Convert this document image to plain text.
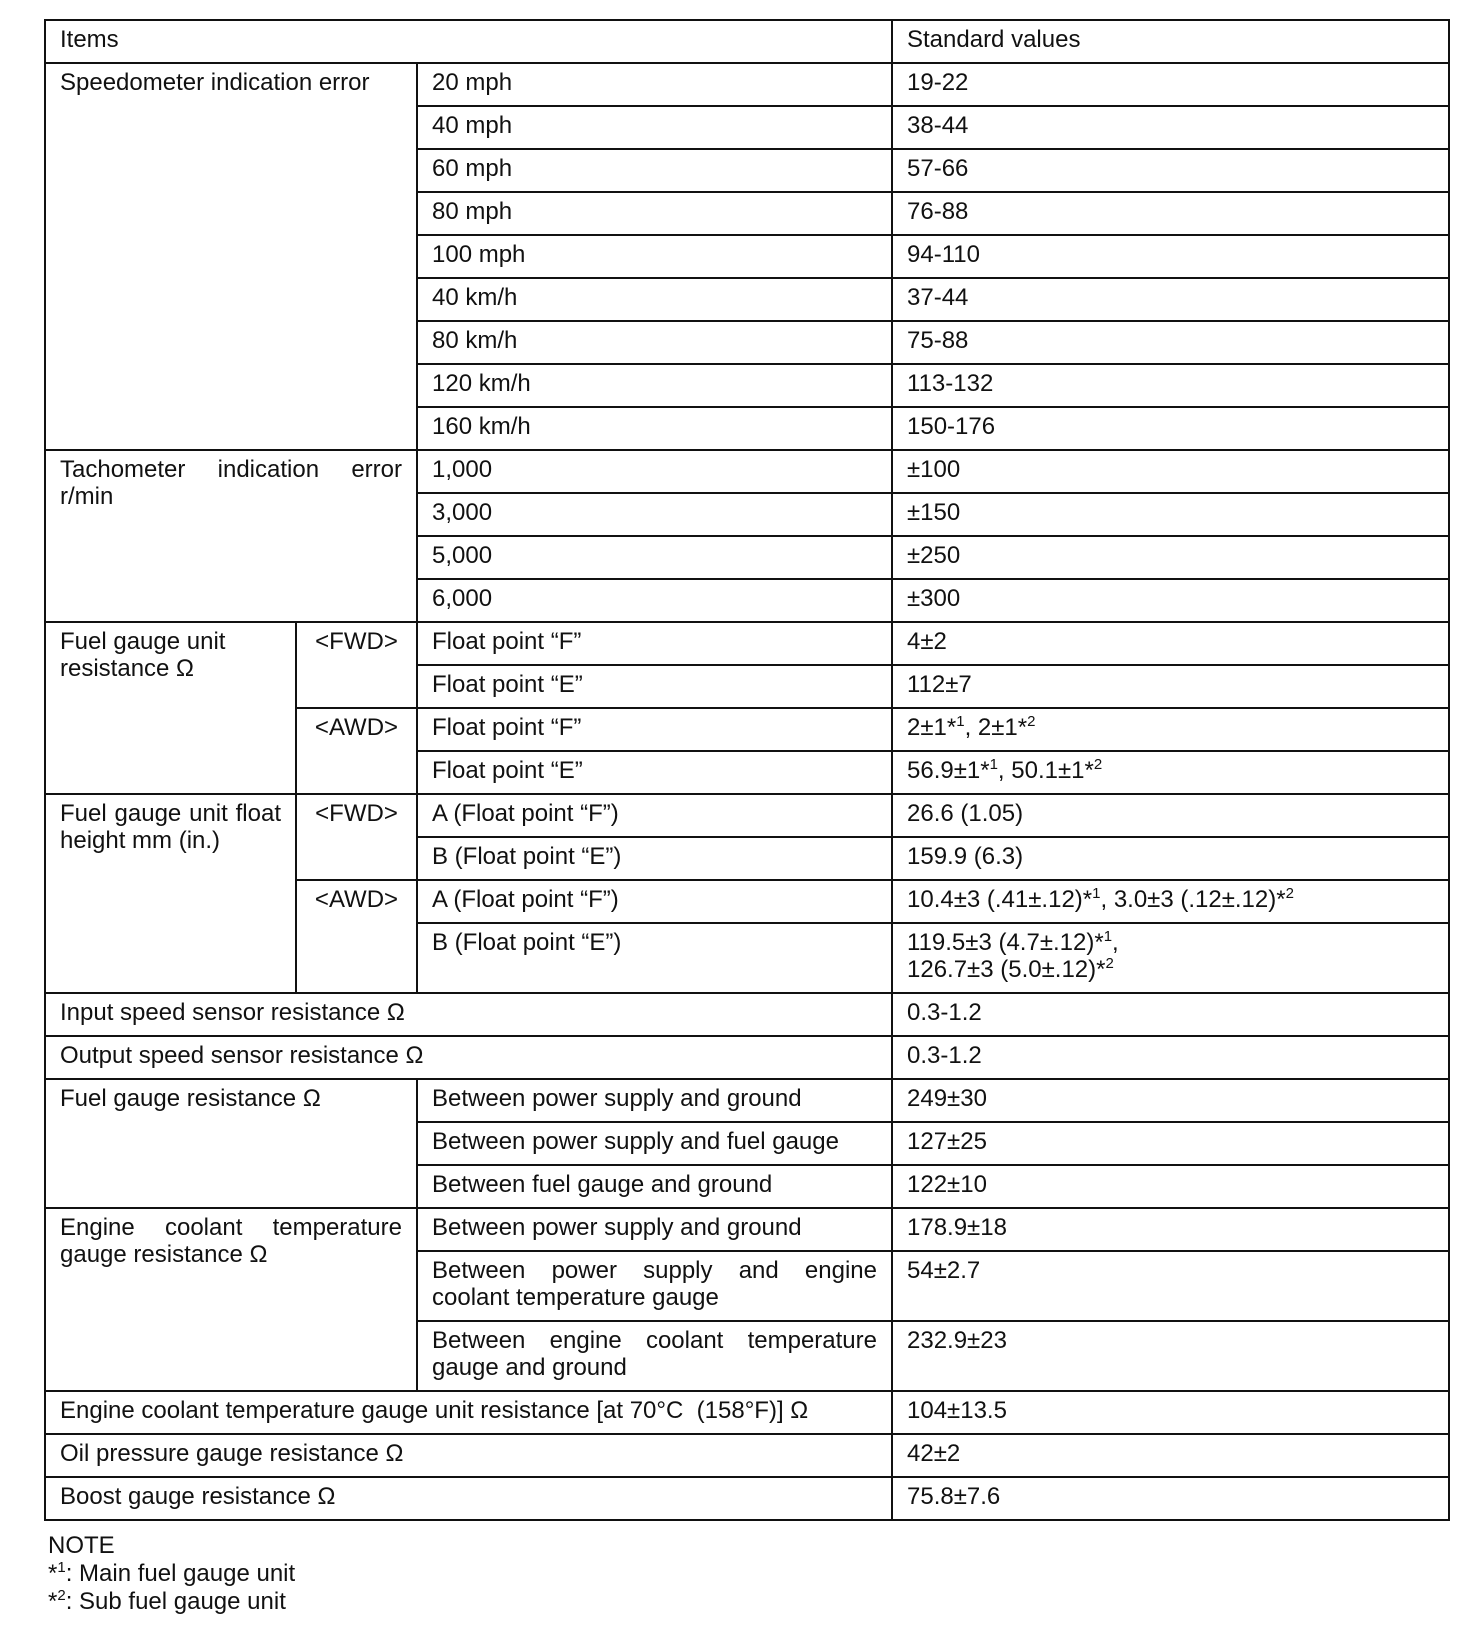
Items			Standard values
Speedometer indication error		20 mph	19-22
		40 mph	38-44
		60 mph	57-66
		80 mph	76-88
		100 mph	94-110
		40 km/h	37-44
		80 km/h	75-88
		120 km/h	113-132
		160 km/h	150-176
Tachometer indication error r/min		1,000	±100
		3,000	±150
		5,000	±250
		6,000	±300
Fuel gauge unit resistance Ω	<FWD>	Float point “F”	4±2
		Float point “E”	112±7
	<AWD>	Float point “F”	2±1*$^1$, 2±1*$^2$
		Float point “E”	56.9±1*$^1$, 50.1±1*$^2$
Fuel gauge unit float height mm (in.)	<FWD>	A (Float point “F”)	26.6 (1.05)
		B (Float point “E”)	159.9 (6.3)
	<AWD>	A (Float point “F”)	10.4±3 (.41±.12)*$^1$, 3.0±3 (.12±.12)*$^2$
		B (Float point “E”)	119.5±3 (4.7±.12)*$^1$,
126.7±3 (5.0±.12)*$^2$

Input speed sensor resistance Ω			0.3-1.2
Output speed sensor resistance Ω			0.3-1.2
Fuel gauge resistance Ω		Between power supply and ground	249±30
		Between power supply and fuel gauge	127±25
		Between fuel gauge and ground	122±10
Engine coolant temperature gauge resistance Ω		Between power supply and ground	178.9±18
		Between power supply and engine coolant temperature gauge	54±2.7
		Between engine coolant temperature gauge and ground	232.9±23
Engine coolant temperature gauge unit resistance [at 70°C  (158°F)] Ω			104±13.5
Oil pressure gauge resistance Ω			42±2
Boost gauge resistance Ω			75.8±7.6
NOTE
*$^1$: Main fuel gauge unit
*$^2$: Sub fuel gauge unit
